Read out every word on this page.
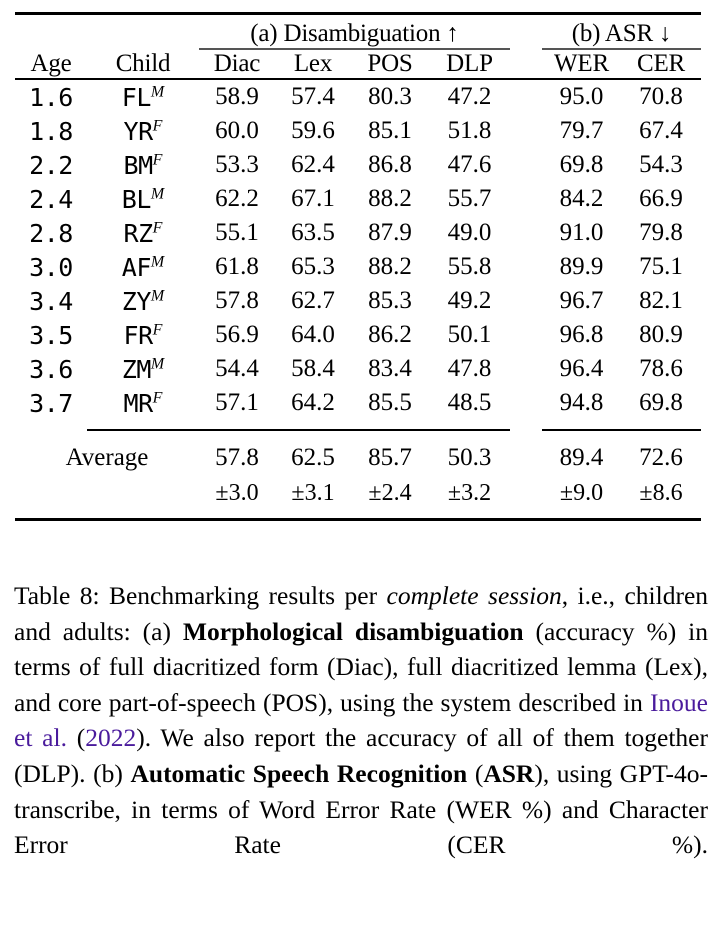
		(a) Disambiguation ↑					(b) ASR ↓	

Age	Child	Diac	Lex	POS	DLP		WER	CER

1.6	$FL^M$	58.9	57.4	80.3	47.2		95.0	70.8
1.8	$YR^F$	60.0	59.6	85.1	51.8		79.7	67.4
2.2	$BM^F$	53.3	62.4	86.8	47.6		69.8	54.3
2.4	$BL^M$	62.2	67.1	88.2	55.7		84.2	66.9
2.8	$RZ^F$	55.1	63.5	87.9	49.0		91.0	79.8
3.0	$AF^M$	61.8	65.3	88.2	55.8		89.9	75.1
3.4	$ZY^M$	57.8	62.7	85.3	49.2		96.7	82.1
3.5	$FR^F$	56.9	64.0	86.2	50.1		96.8	80.9
3.6	$ZM^M$	54.4	58.4	83.4	47.8		96.4	78.6
3.7	$MR^F$	57.1	64.2	85.5	48.5		94.8	69.8

Average		57.8	62.5	85.7	50.3		89.4	72.6
		±3.0	±3.1	±2.4	±3.2		±9.0	±8.6

Table 8: Benchmarking results per complete session, i.e., children and adults: (a) Morphological disambiguation (accuracy %) in terms of full diacritized form (Diac), full diacritized lemma (Lex), and core part-of-speech (POS), using the system described in Inoue et al. (2022). We also report the accuracy of all of them together (DLP). (b) Automatic Speech Recognition (ASR), using GPT-4o-transcribe, in terms of Word Error Rate (WER %) and Character Error Rate (CER %).
